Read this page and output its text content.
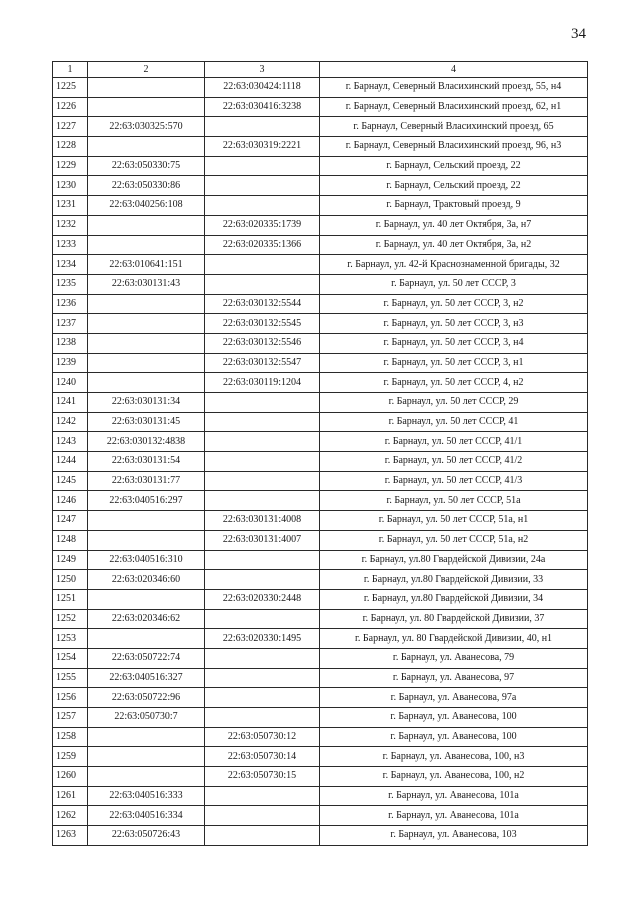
34
1	2	3	4
1225		22:63:030424:1118	г. Барнаул, Северный Власихинский проезд, 55, н4
1226		22:63:030416:3238	г. Барнаул, Северный Власихинский проезд, 62, н1
1227	22:63:030325:570		г. Барнаул, Северный Власихинский проезд, 65
1228		22:63:030319:2221	г. Барнаул, Северный Власихинский проезд, 96, н3
1229	22:63:050330:75		г. Барнаул, Сельский проезд, 22
1230	22:63:050330:86		г. Барнаул, Сельский проезд, 22
1231	22:63:040256:108		г. Барнаул, Трактовый проезд, 9
1232		22:63:020335:1739	г. Барнаул, ул. 40 лет Октября, 3а, н7
1233		22:63:020335:1366	г. Барнаул, ул. 40 лет Октября, 3а, н2
1234	22:63:010641:151		г. Барнаул, ул. 42-й Краснознаменной бригады, 32
1235	22:63:030131:43		г. Барнаул, ул. 50 лет СССР, 3
1236		22:63:030132:5544	г. Барнаул, ул. 50 лет СССР, 3, н2
1237		22:63:030132:5545	г. Барнаул, ул. 50 лет СССР, 3, н3
1238		22:63:030132:5546	г. Барнаул, ул. 50 лет СССР, 3, н4
1239		22:63:030132:5547	г. Барнаул, ул. 50 лет СССР, 3, н1
1240		22:63:030119:1204	г. Барнаул, ул. 50 лет СССР, 4, н2
1241	22:63:030131:34		г. Барнаул, ул. 50 лет СССР, 29
1242	22:63:030131:45		г. Барнаул, ул. 50 лет СССР, 41
1243	22:63:030132:4838		г. Барнаул, ул. 50 лет СССР, 41/1
1244	22:63:030131:54		г. Барнаул, ул. 50 лет СССР, 41/2
1245	22:63:030131:77		г. Барнаул, ул. 50 лет СССР, 41/3
1246	22:63:040516:297		г. Барнаул, ул. 50 лет СССР, 51а
1247		22:63:030131:4008	г. Барнаул, ул. 50 лет СССР, 51а, н1
1248		22:63:030131:4007	г. Барнаул, ул. 50 лет СССР, 51а, н2
1249	22:63:040516:310		г. Барнаул, ул.80 Гвардейской Дивизии, 24а
1250	22:63:020346:60		г. Барнаул, ул.80 Гвардейской Дивизии, 33
1251		22:63:020330:2448	г. Барнаул, ул.80 Гвардейской Дивизии, 34
1252	22:63:020346:62		г. Барнаул, ул. 80 Гвардейской Дивизии, 37
1253		22:63:020330:1495	г. Барнаул, ул. 80 Гвардейской Дивизии, 40, н1
1254	22:63:050722:74		г. Барнаул, ул. Аванесова, 79
1255	22:63:040516:327		г. Барнаул, ул. Аванесова, 97
1256	22:63:050722:96		г. Барнаул, ул. Аванесова, 97а
1257	22:63:050730:7		г. Барнаул, ул. Аванесова, 100
1258		22:63:050730:12	г. Барнаул, ул. Аванесова, 100
1259		22:63:050730:14	г. Барнаул, ул. Аванесова, 100, н3
1260		22:63:050730:15	г. Барнаул, ул. Аванесова, 100, н2
1261	22:63:040516:333		г. Барнаул, ул. Аванесова, 101а
1262	22:63:040516:334		г. Барнаул, ул. Аванесова, 101а
1263	22:63:050726:43		г. Барнаул, ул. Аванесова, 103
